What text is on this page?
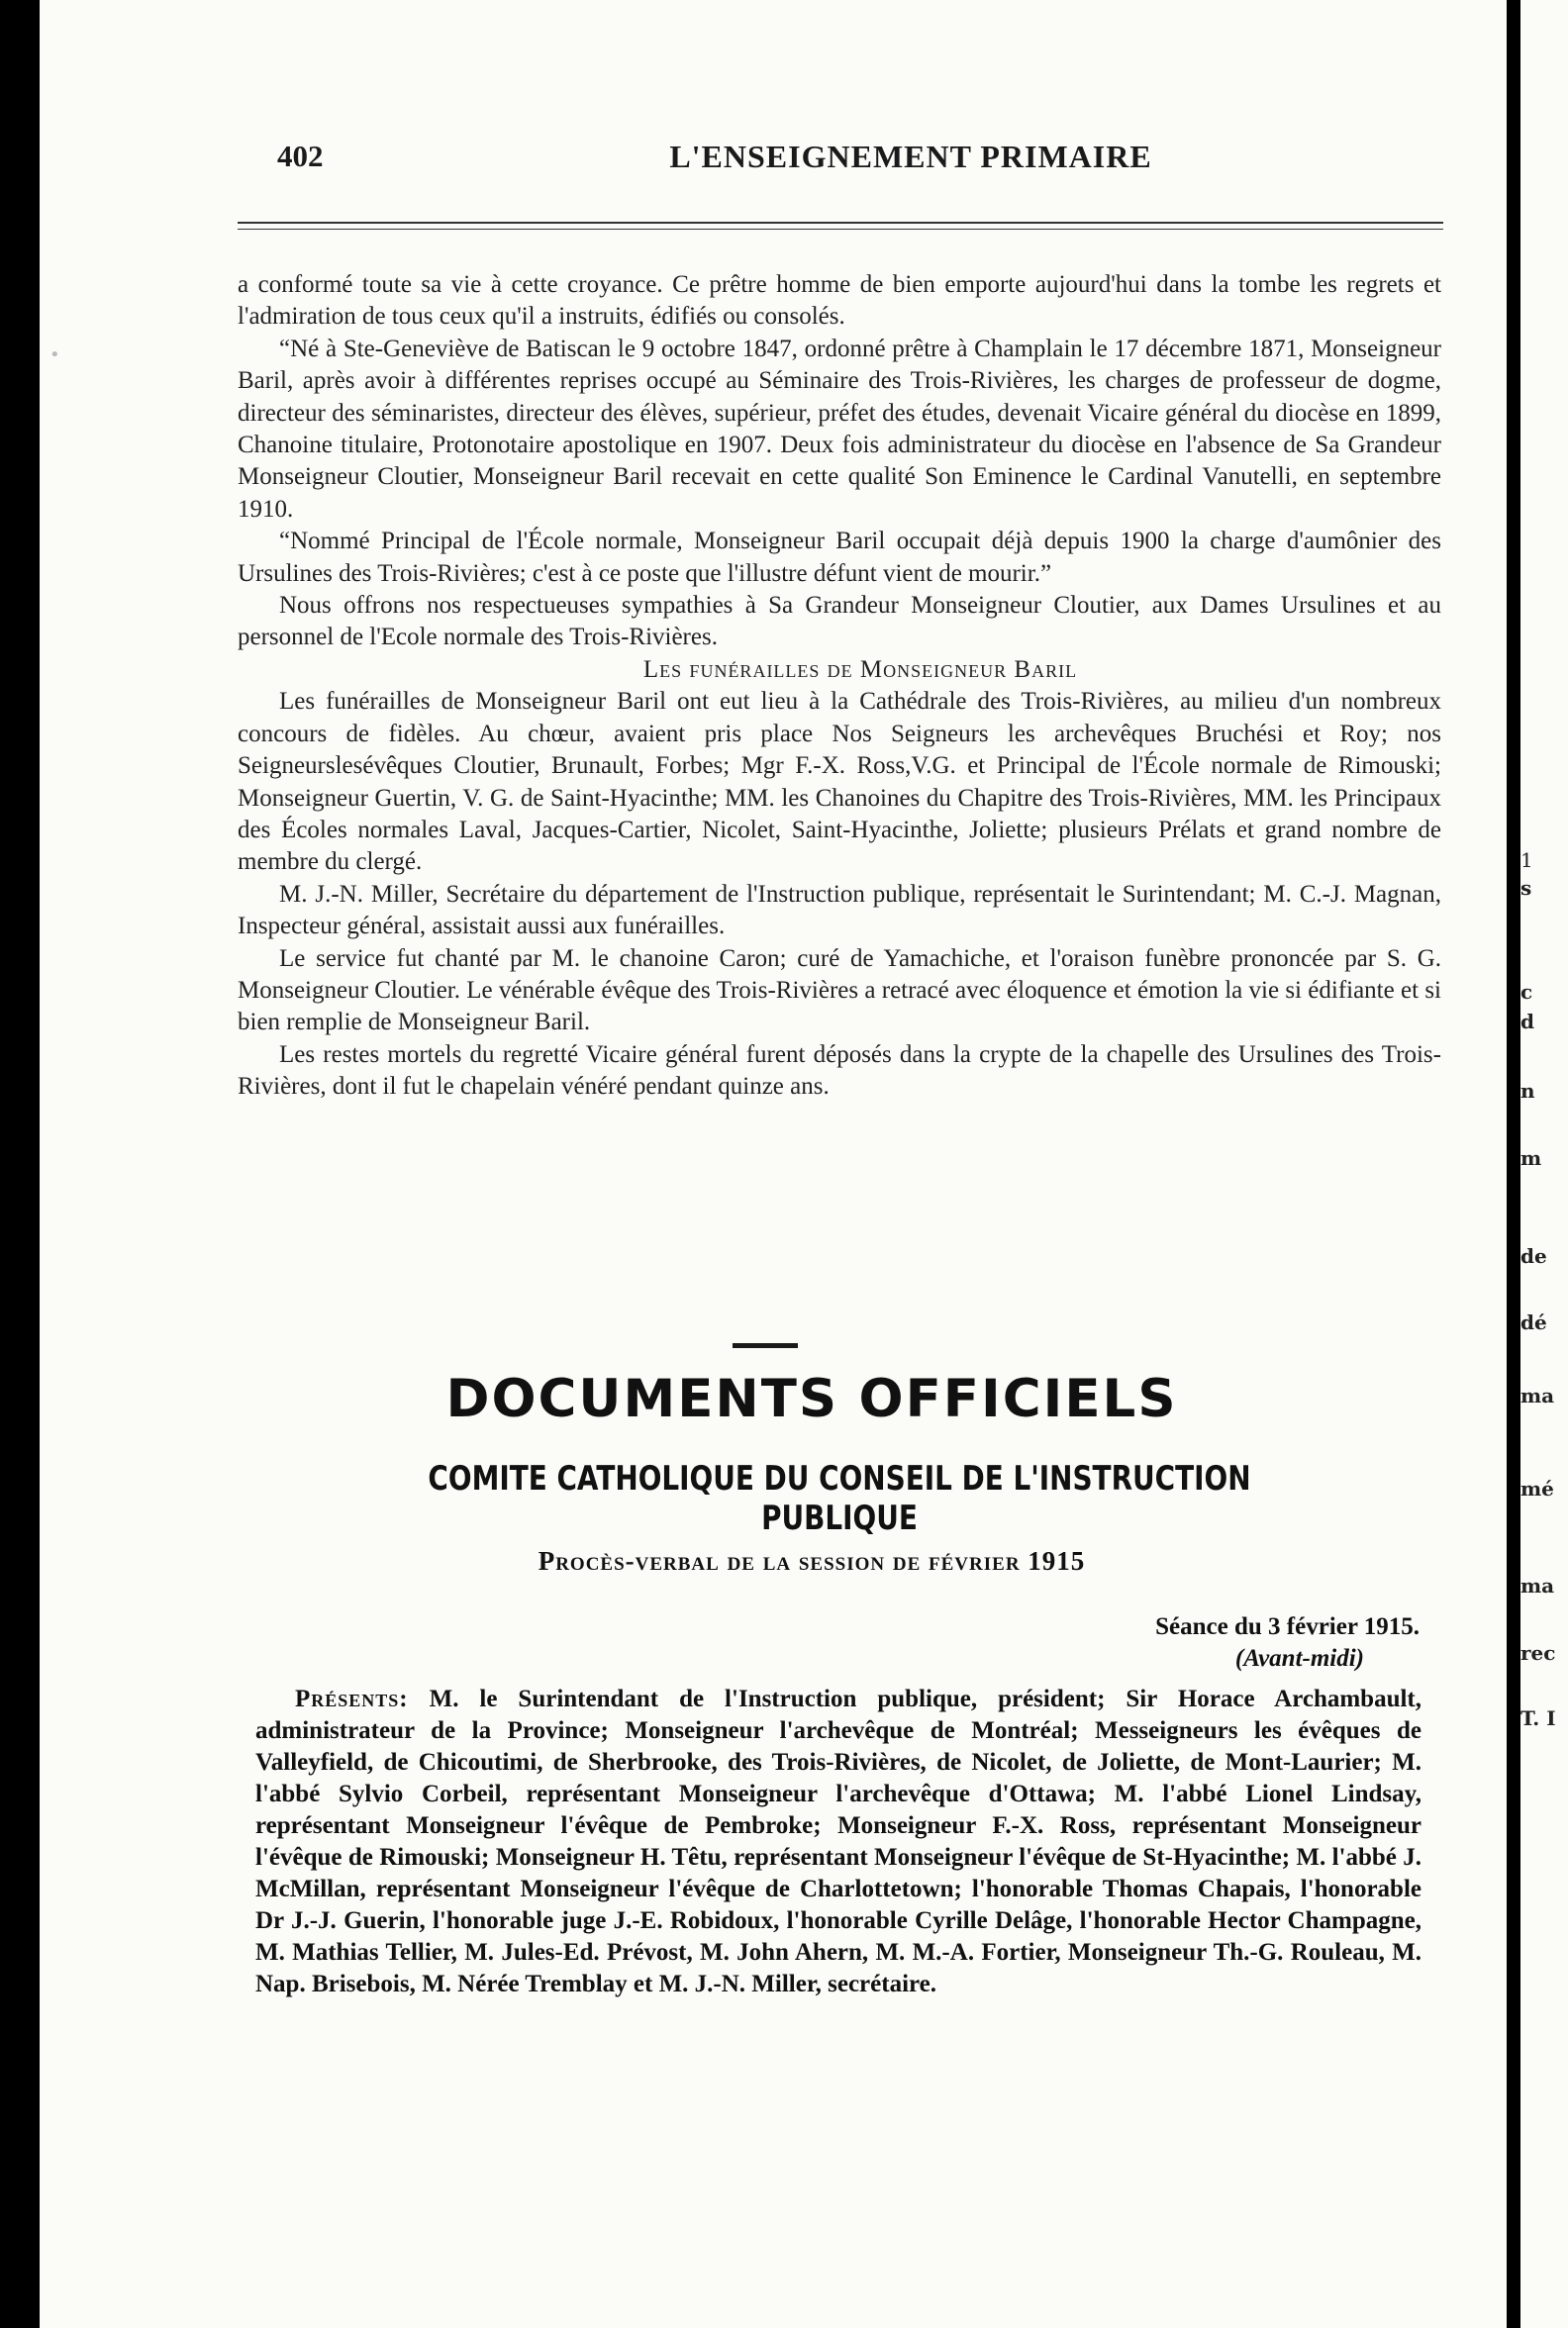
•
402	L'ENSEIGNEMENT PRIMAIRE

a conformé toute sa vie à cette croyance. Ce prêtre homme de bien emporte aujourd'hui dans la tombe les regrets et l'admiration de tous ceux qu'il a instruits, édifiés ou consolés.

“Né à Ste-Geneviève de Batiscan le 9 octobre 1847, ordonné prêtre à Champlain le 17 décembre 1871, Monseigneur Baril, après avoir à différentes reprises occupé au Séminaire des Trois-Rivières, les charges de professeur de dogme, directeur des séminaristes, directeur des élèves, supérieur, préfet des études, devenait Vicaire général du diocèse en 1899, Chanoine titulaire, Protonotaire apostolique en 1907. Deux fois administrateur du diocèse en l'absence de Sa Grandeur Monseigneur Cloutier, Monseigneur Baril recevait en cette qualité Son Eminence le Cardinal Vanutelli, en septembre 1910.

“Nommé Principal de l'École normale, Monseigneur Baril occupait déjà depuis 1900 la charge d'aumônier des Ursulines des Trois-Rivières; c'est à ce poste que l'illustre défunt vient de mourir.”

Nous offrons nos respectueuses sympathies à Sa Grandeur Monseigneur Cloutier, aux Dames Ursulines et au personnel de l'Ecole normale des Trois-Rivières.

Les funérailles de Monseigneur Baril

Les funérailles de Monseigneur Baril ont eut lieu à la Cathédrale des Trois-Rivières, au milieu d'un nombreux concours de fidèles. Au chœur, avaient pris place Nos Seigneurs les archevêques Bruchési et Roy; nos Seigneurslesévêques Cloutier, Brunault, Forbes; Mgr F.-X. Ross,V.G. et Principal de l'École normale de Rimouski; Monseigneur Guertin, V. G. de Saint-Hyacinthe; MM. les Chanoines du Chapitre des Trois-Rivières, MM. les Principaux des Écoles normales Laval, Jacques-Cartier, Nicolet, Saint-Hyacinthe, Joliette; plusieurs Prélats et grand nombre de membre du clergé.

M. J.-N. Miller, Secrétaire du département de l'Instruction publique, représentait le Surintendant; M. C.-J. Magnan, Inspecteur général, assistait aussi aux funérailles.

Le service fut chanté par M. le chanoine Caron; curé de Yamachiche, et l'oraison funèbre prononcée par S. G. Monseigneur Cloutier. Le vénérable évêque des Trois-Rivières a retracé avec éloquence et émotion la vie si édifiante et si bien remplie de Monseigneur Baril.

Les restes mortels du regretté Vicaire général furent déposés dans la crypte de la chapelle des Ursulines des Trois-Rivières, dont il fut le chapelain vénéré pendant quinze ans.

DOCUMENTS OFFICIELS
COMITE CATHOLIQUE DU CONSEIL DE L'INSTRUCTION PUBLIQUE
Procès-verbal de la session de février 1915
Séance du 3 février 1915.
(Avant-midi)
Présents: M. le Surintendant de l'Instruction publique, président; Sir Horace Archambault, administrateur de la Province; Monseigneur l'archevêque de Montréal; Messeigneurs les évêques de Valleyfield, de Chicoutimi, de Sherbrooke, des Trois-Rivières, de Nicolet, de Joliette, de Mont-Laurier; M. l'abbé Sylvio Corbeil, représentant Monseigneur l'archevêque d'Ottawa; M. l'abbé Lionel Lindsay, représentant Monseigneur l'évêque de Pembroke; Monseigneur F.-X. Ross, représentant Monseigneur l'évêque de Rimouski; Monseigneur H. Têtu, représentant Monseigneur l'évêque de St-Hyacinthe; M. l'abbé J. McMillan, représentant Monseigneur l'évêque de Charlottetown; l'honorable Thomas Chapais, l'honorable Dr J.-J. Guerin, l'honorable juge J.-E. Robidoux, l'honorable Cyrille Delâge, l'honorable Hector Champagne, M. Mathias Tellier, M. Jules-Ed. Prévost, M. John Ahern, M. M.-A. Fortier, Monseigneur Th.-G. Rouleau, M. Nap. Brisebois, M. Nérée Tremblay et M. J.-N. Miller, secrétaire.
1
s
c
d
n
m
de
dé
ma
mé
ma
rec
T. I
